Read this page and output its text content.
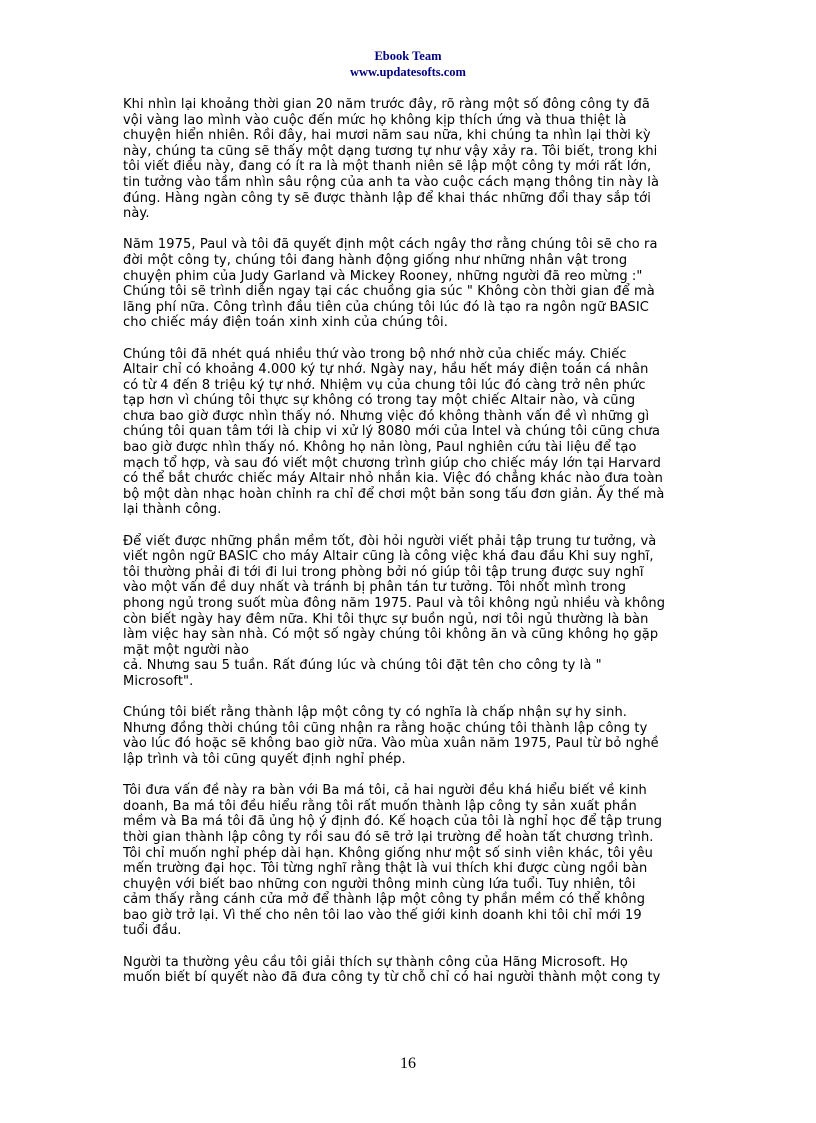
Ebook Team
www.updatesofts.com

Khi nhìn lại khoảng thời gian 20 năm trước đây, rõ ràng một số đông công ty đã
vội vàng lao mình vào cuộc đến mức họ không kịp thích ứng và thua thiệt là
chuyện hiển nhiên. Rồi đây, hai mươi năm sau nữa, khi chúng ta nhìn lại thời kỳ
này, chúng ta cũng sẽ thấy một dạng tương tự như vậy xảy ra. Tôi biết, trong khi
tôi viết điều này, đang có ít ra là một thanh niên sẽ lập một công ty mới rất lớn,
tin tưởng vào tầm nhìn sâu rộng của anh ta vào cuộc cách mạng thông tin này là
đúng. Hàng ngàn công ty sẽ được thành lập để khai thác những đổi thay sắp tới
này.

Năm 1975, Paul và tôi đã quyết định một cách ngây thơ rằng chúng tôi sẽ cho ra
đời một công ty, chúng tôi đang hành động giống như những nhân vật trong
chuyện phim của Judy Garland và Mickey Rooney, những người đã reo mừng :"
Chúng tôi sẽ trình diễn ngay tại các chuồng gia súc " Không còn thời gian để mà
lãng phí nữa. Công trình đầu tiên của chúng tôi lúc đó là tạo ra ngôn ngữ BASIC
cho chiếc máy điện toán xinh xinh của chúng tôi.

Chúng tôi đã nhét quá nhiều thứ vào trong bộ nhớ nhờ của chiếc máy. Chiếc
Altair chỉ có khoảng 4.000 ký tự nhớ. Ngày nay, hầu hết máy điện toán cá nhân
có từ 4 đến 8 triệu ký tự nhớ. Nhiệm vụ của chung tôi lúc đó càng trở nên phức
tạp hơn vì chúng tôi thực sự không có trong tay một chiếc Altair nào, và cũng
chưa bao giờ được nhìn thấy nó. Nhưng việc đó không thành vấn đề vì những gì
chúng tôi quan tâm tới là chip vi xử lý 8080 mới của Intel và chúng tôi cũng chưa
bao giờ được nhìn thấy nó. Không họ nản lòng, Paul nghiên cứu tài liệu để tạo
mạch tổ hợp, và sau đó viết một chương trình giúp cho chiếc máy lớn tại Harvard
có thể bắt chước chiếc máy Altair nhỏ nhắn kia. Việc đó chẳng khác nào đưa toàn
bộ một dàn nhạc hoàn chỉnh ra chỉ để chơi một bản song tấu đơn giản. Ấy thế mà
lại thành công.

Để viết được những phần mềm tốt, đòi hỏi người viết phải tập trung tư tưởng, và
viết ngôn ngữ BASIC cho máy Altair cũng là công việc khá đau đầu Khi suy nghĩ,
tôi thường phải đi tới đi lui trong phòng bởi nó giúp tôi tập trung được suy nghĩ
vào một vấn đề duy nhất và tránh bị phân tán tư tưởng. Tôi nhốt mình trong
phong ngủ trong suốt mùa đông năm 1975. Paul và tôi không ngủ nhiều và không
còn biết ngày hay đêm nữa. Khi tôi thực sự buồn ngủ, nơi tôi ngủ thường là bàn
làm việc hay sàn nhà. Có một số ngày chúng tôi không ăn và cũng không họ gặp
mặt một người nào
cả. Nhưng sau 5 tuần. Rất đúng lúc và chúng tôi đặt tên cho công ty là "
Microsoft".

Chúng tôi biết rằng thành lập một công ty có nghĩa là chấp nhận sự hy sinh.
Nhưng đồng thời chúng tôi cũng nhận ra rằng hoặc chúng tôi thành lập công ty
vào lúc đó hoặc sẽ không bao giờ nữa. Vào mùa xuân năm 1975, Paul từ bỏ nghề
lập trình và tôi cũng quyết định nghỉ phép.

Tôi đưa vấn đề này ra bàn với Ba má tôi, cả hai người đều khá hiểu biết về kinh
doanh, Ba má tôi đều hiểu rằng tôi rất muốn thành lập công ty sản xuất phần
mềm và Ba má tôi đã ủng hộ ý định đó. Kế hoạch của tôi là nghỉ học để tập trung
thời gian thành lập công ty rồi sau đó sẽ trở lại trường để hoàn tất chương trình.
Tôi chỉ muốn nghỉ phép dài hạn. Không giống như một số sinh viên khác, tôi yêu
mến trường đại học. Tôi từng nghĩ rằng thật là vui thích khi được cùng ngồi bàn
chuyện với biết bao những con người thông minh cùng lứa tuổi. Tuy nhiên, tôi
cảm thấy rằng cánh cửa mở để thành lập một công ty phần mềm có thể không
bao giờ trở lại. Vì thế cho nên tôi lao vào thế giới kinh doanh khi tôi chỉ mới 19
tuổi đầu.

Người ta thường yêu cầu tôi giải thích sự thành công của Hãng Microsoft. Họ
muốn biết bí quyết nào đã đưa công ty từ chỗ chỉ có hai người thành một cong ty

16
